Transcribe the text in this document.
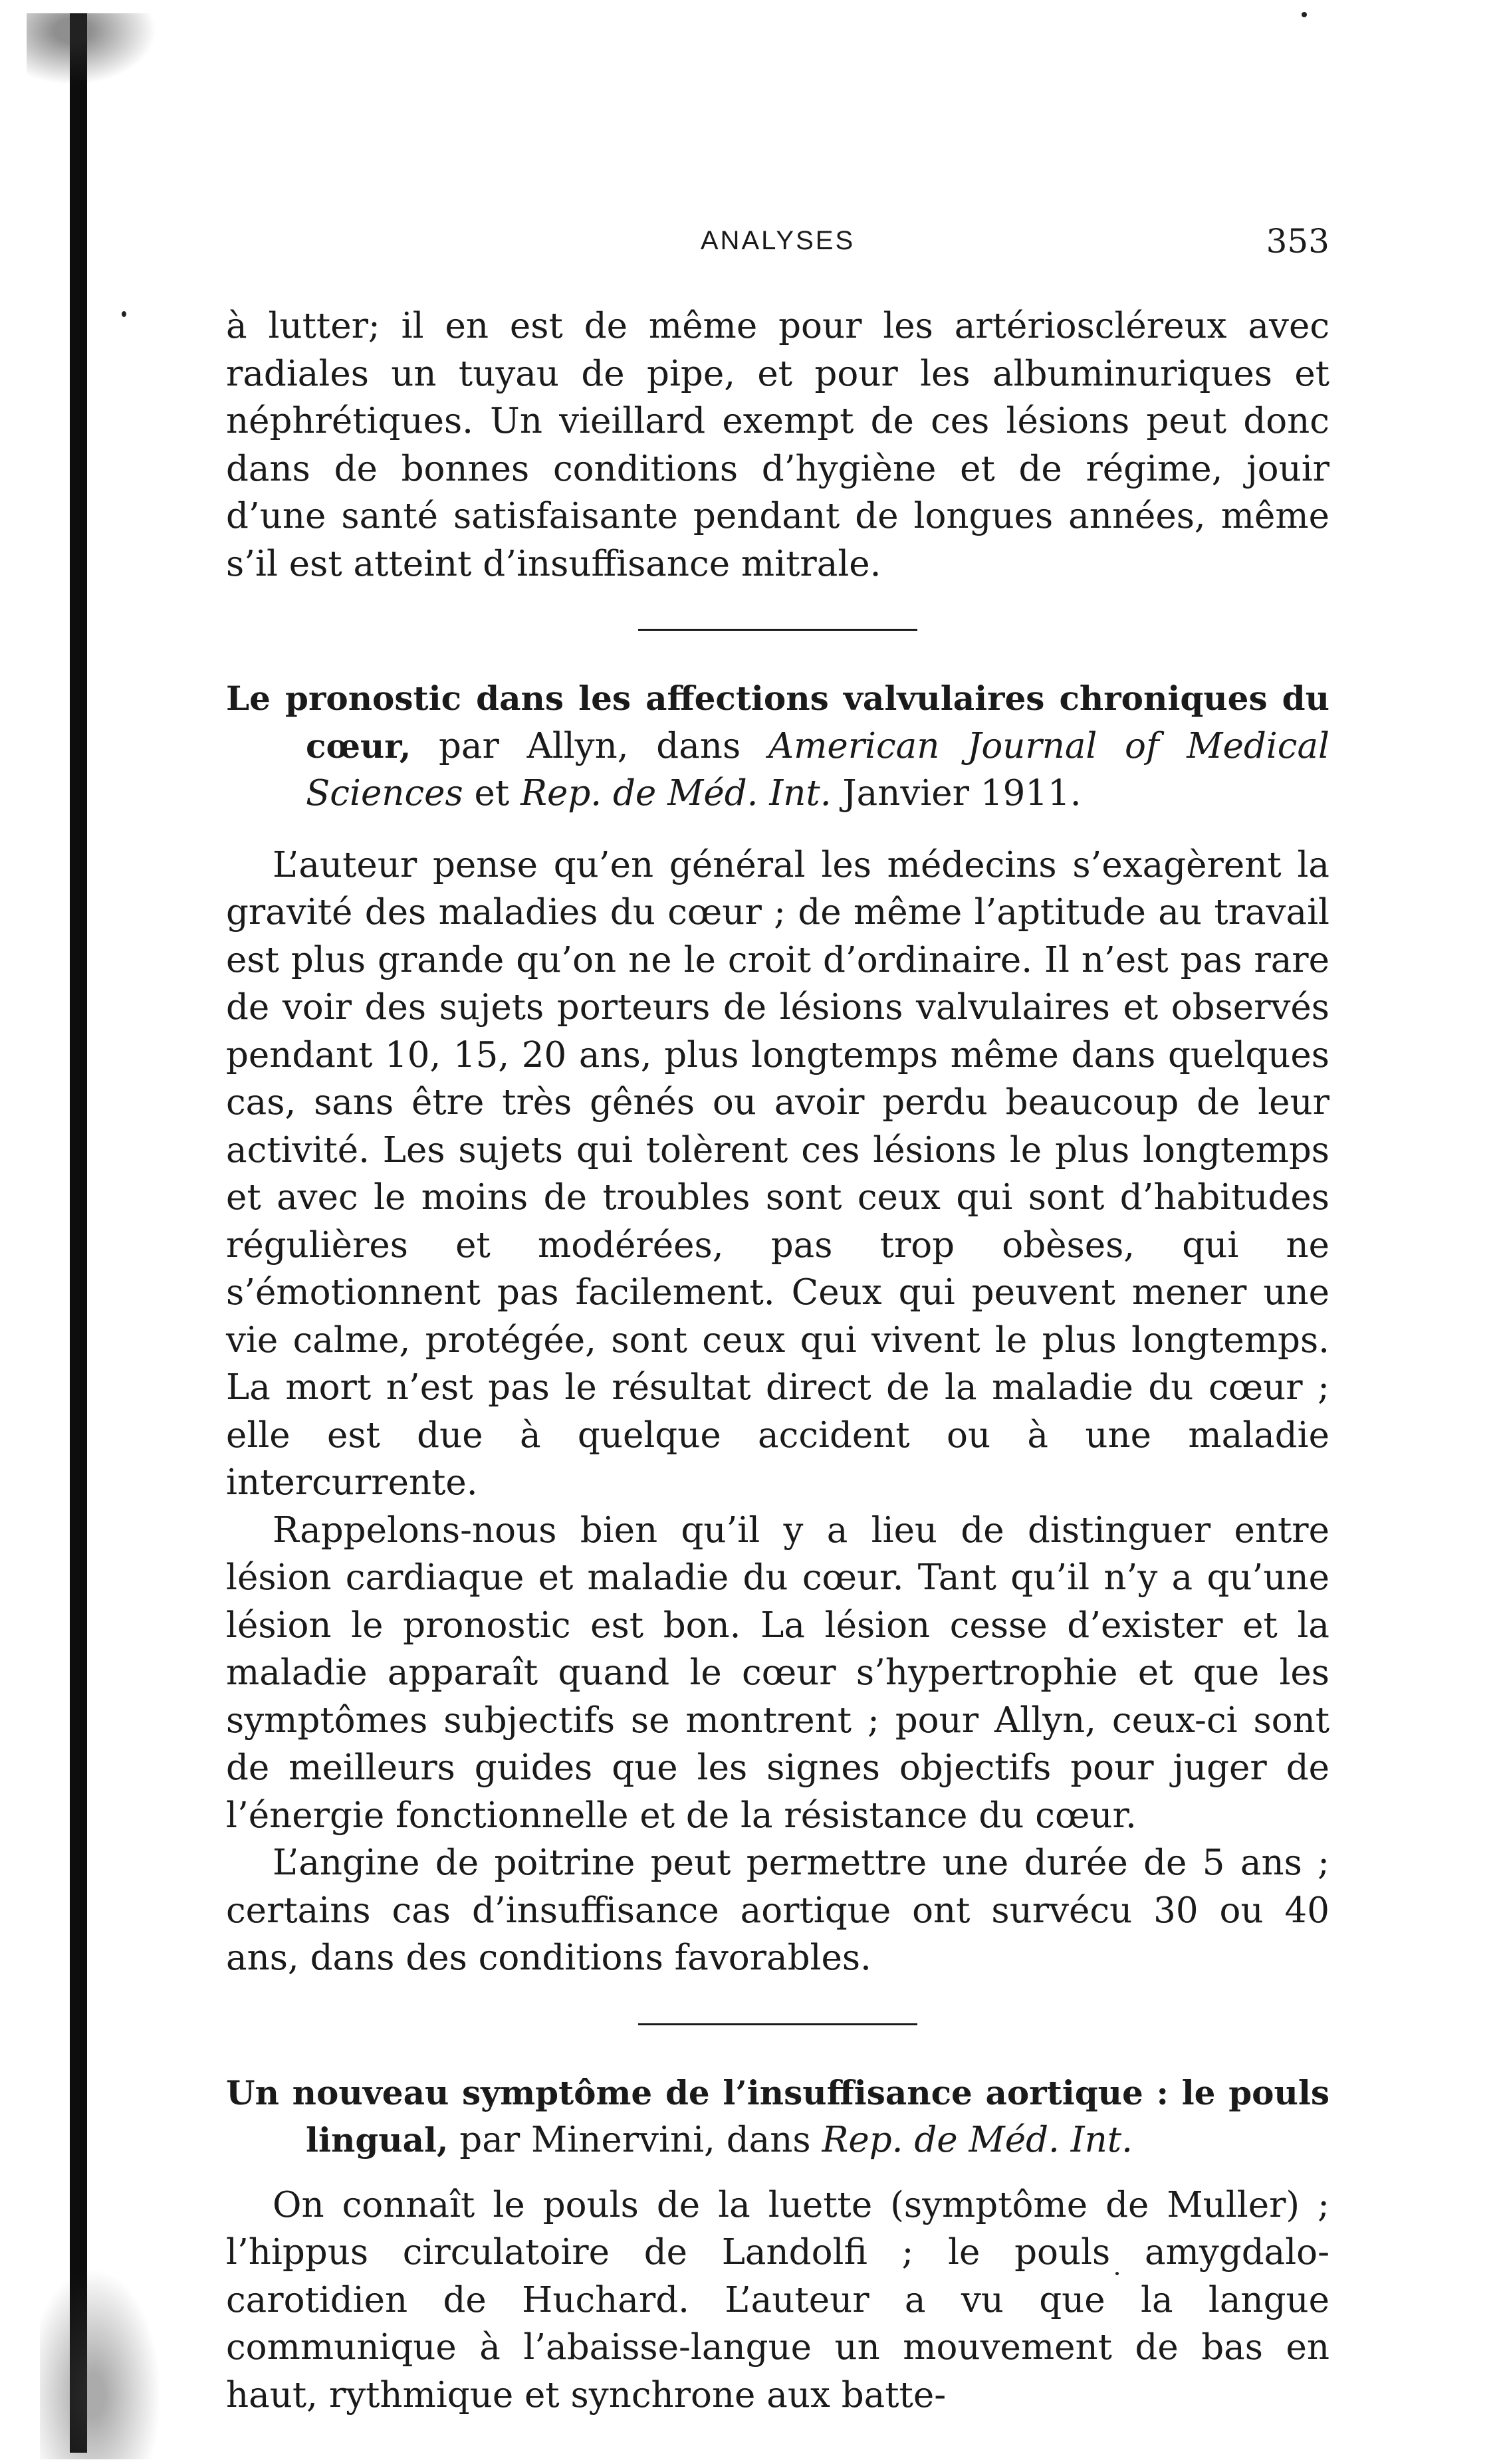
ANALYSES	353

à lutter; il en est de même pour les artérioscléreux avec radiales un tuyau de pipe, et pour les albuminuriques et néphrétiques. Un vieillard exempt de ces lésions peut donc dans de bonnes conditions d’hygiène et de régime, jouir d’une santé satisfaisante pendant de longues années, même s’il est atteint d’insuffisance mitrale.

Le pronostic dans les affections valvulaires chroniques du cœur, par Allyn, dans American Journal of Medical Sciences et Rep. de Méd. Int. Janvier 1911.

L’auteur pense qu’en général les médecins s’exagèrent la gravité des maladies du cœur ; de même l’aptitude au travail est plus grande qu’on ne le croit d’ordinaire. Il n’est pas rare de voir des sujets porteurs de lésions valvulaires et observés pendant 10, 15, 20 ans, plus longtemps même dans quelques cas, sans être très gênés ou avoir perdu beaucoup de leur activité. Les sujets qui tolèrent ces lésions le plus longtemps et avec le moins de troubles sont ceux qui sont d’habitudes régulières et modérées, pas trop obèses, qui ne s’émotionnent pas facilement. Ceux qui peuvent mener une vie calme, protégée, sont ceux qui vivent le plus longtemps. La mort n’est pas le résultat direct de la maladie du cœur ; elle est due à quelque accident ou à une maladie intercurrente.

Rappelons-nous bien qu’il y a lieu de distinguer entre lésion cardiaque et maladie du cœur. Tant qu’il n’y a qu’une lésion le pronostic est bon. La lésion cesse d’exister et la maladie apparaît quand le cœur s’hypertrophie et que les symptômes subjectifs se montrent ; pour Allyn, ceux-ci sont de meilleurs guides que les signes objectifs pour juger de l’énergie fonctionnelle et de la résistance du cœur.

L’angine de poitrine peut permettre une durée de 5 ans ; certains cas d’insuffisance aortique ont survécu 30 ou 40 ans, dans des conditions favorables.

Un nouveau symptôme de l’insuffisance aortique : le pouls lingual, par Minervini, dans Rep. de Méd. Int.

On connaît le pouls de la luette (symptôme de Muller) ; l’hippus circulatoire de Landolfi ; le pouls amygdalo-carotidien de Huchard. L’auteur a vu que la langue communique à l’abaisse-langue un mouvement de bas en haut, rythmique et synchrone aux batte-
